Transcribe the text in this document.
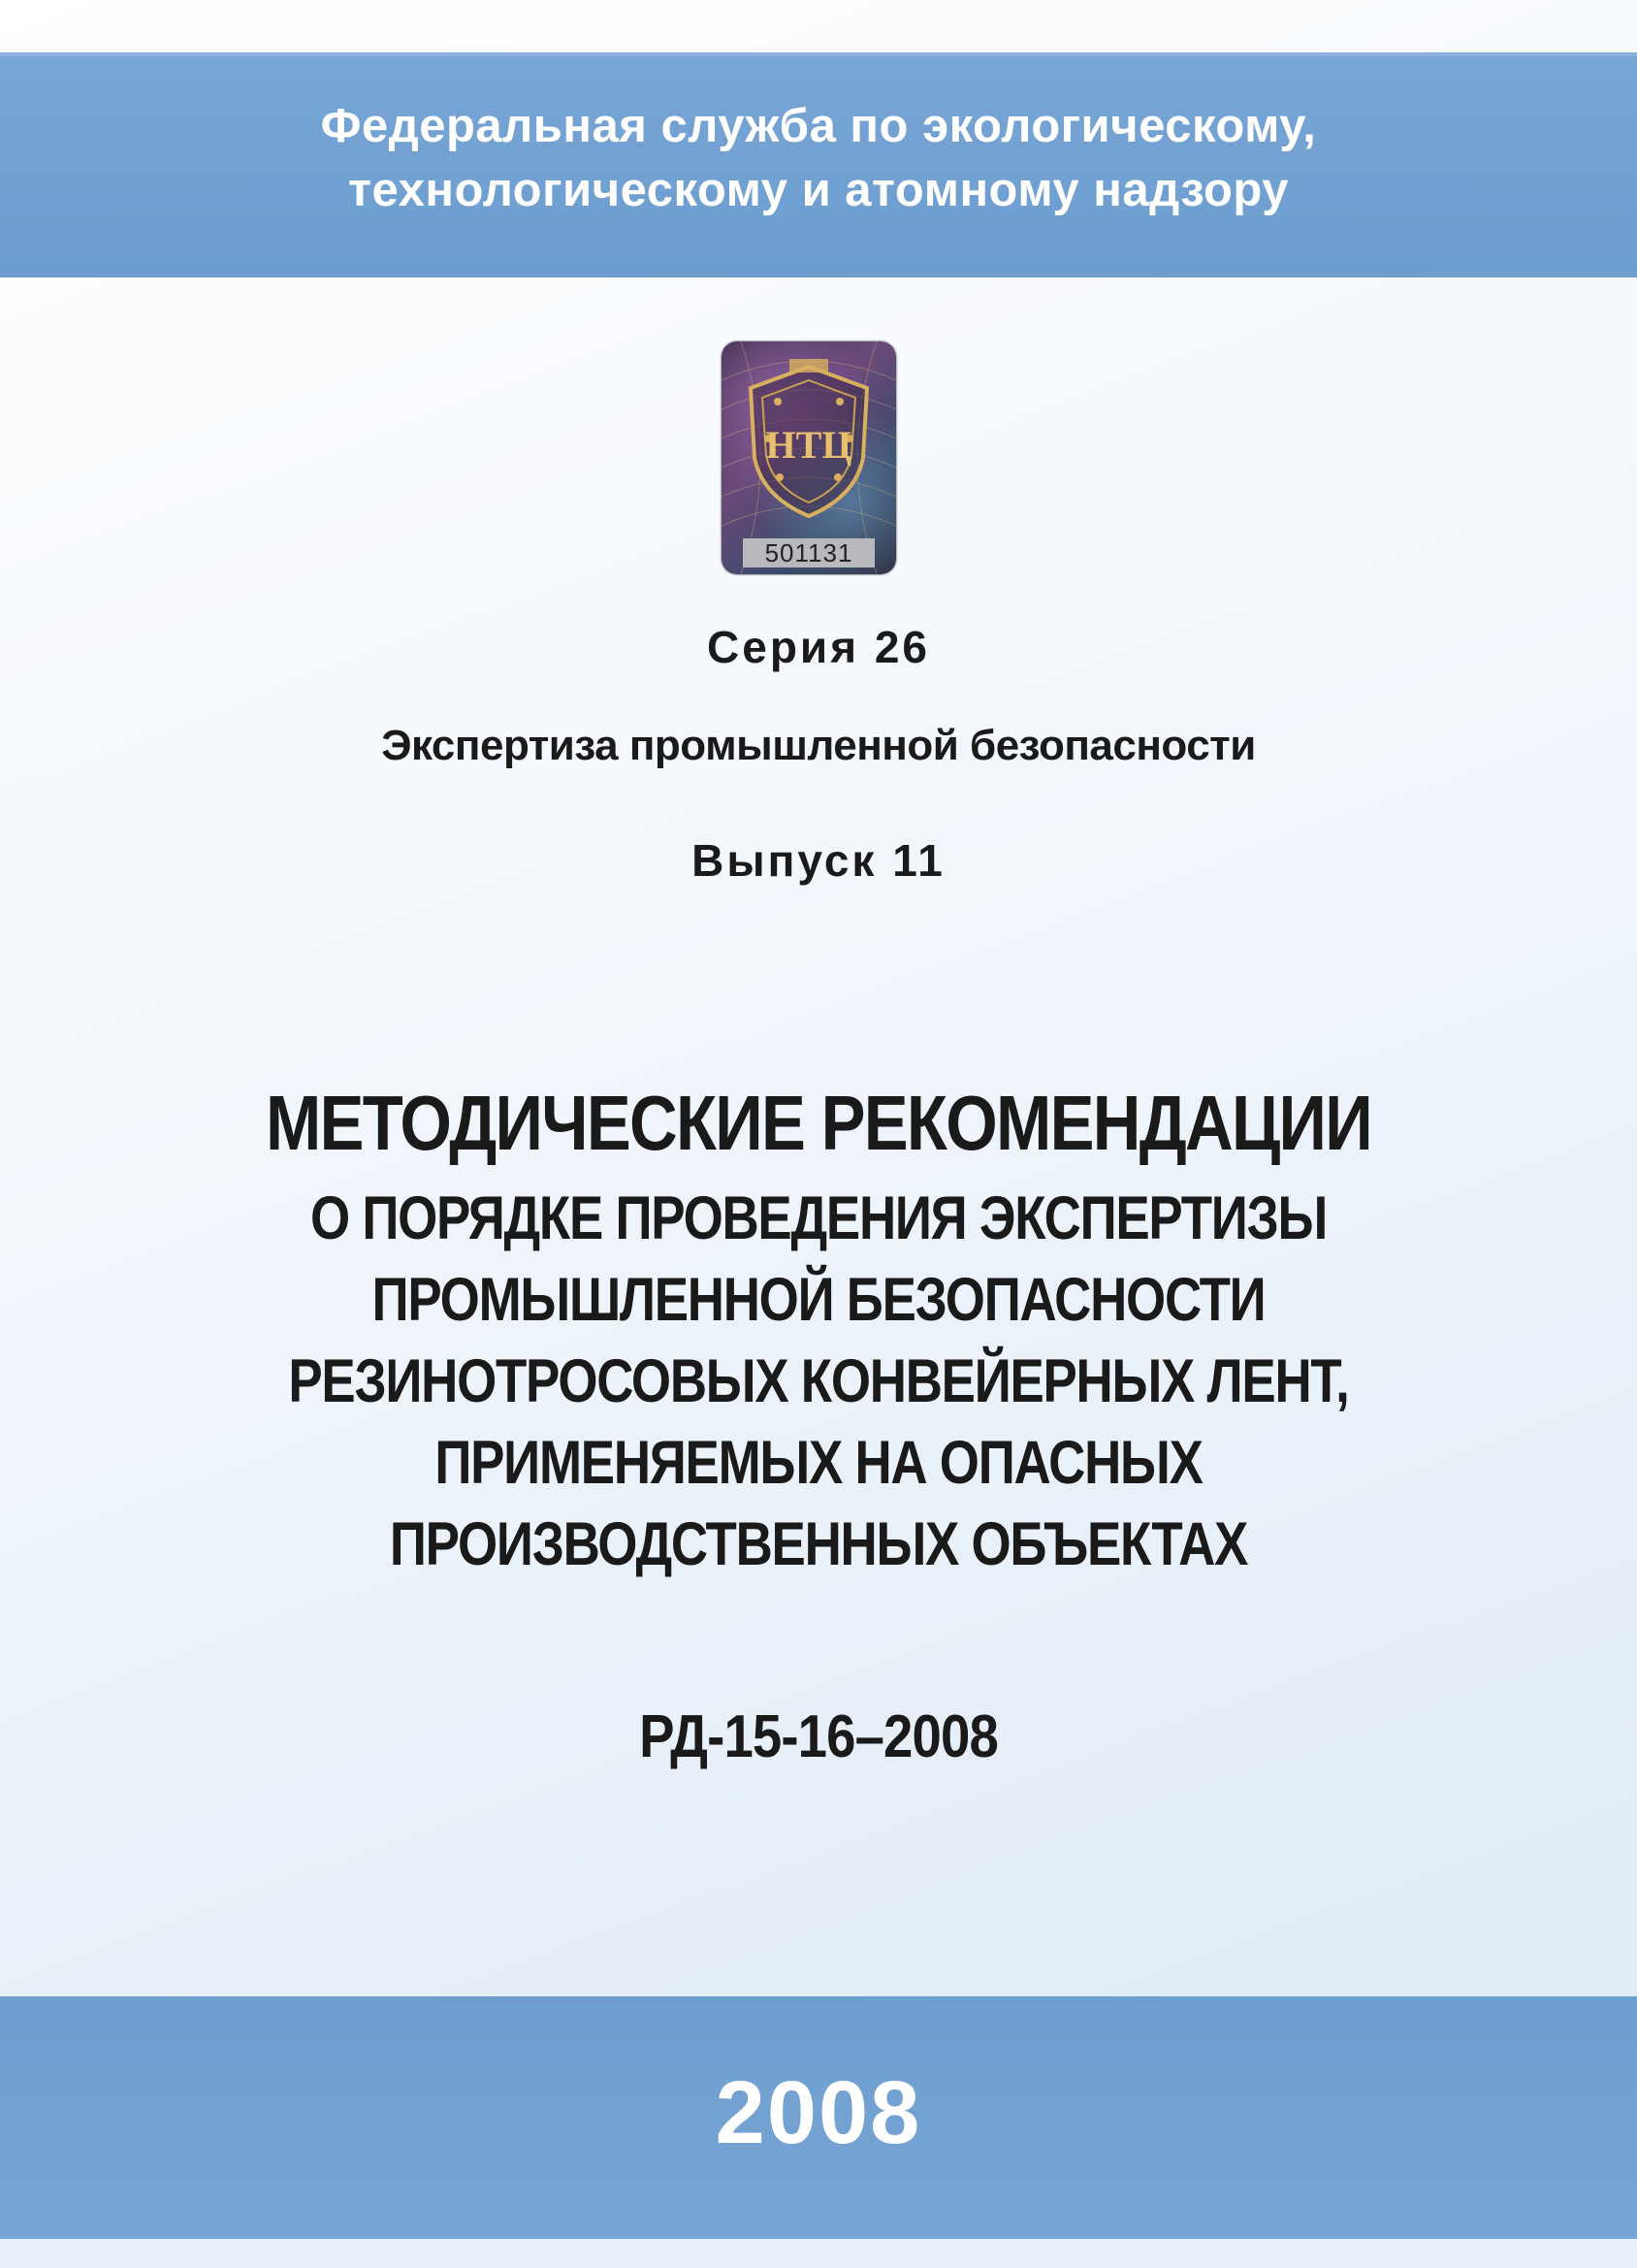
Федеральная служба по экологическому,
технологическому и атомному надзору
НТЦ
501131
Серия 26
Экспертиза промышленной безопасности
Выпуск 11
МЕТОДИЧЕСКИЕ РЕКОМЕНДАЦИИ
О ПОРЯДКЕ ПРОВЕДЕНИЯ ЭКСПЕРТИЗЫ
ПРОМЫШЛЕННОЙ БЕЗОПАСНОСТИ
РЕЗИНОТРОСОВЫХ КОНВЕЙЕРНЫХ ЛЕНТ,
ПРИМЕНЯЕМЫХ НА ОПАСНЫХ
ПРОИЗВОДСТВЕННЫХ ОБЪЕКТАХ
РД-15-16–2008
2008
